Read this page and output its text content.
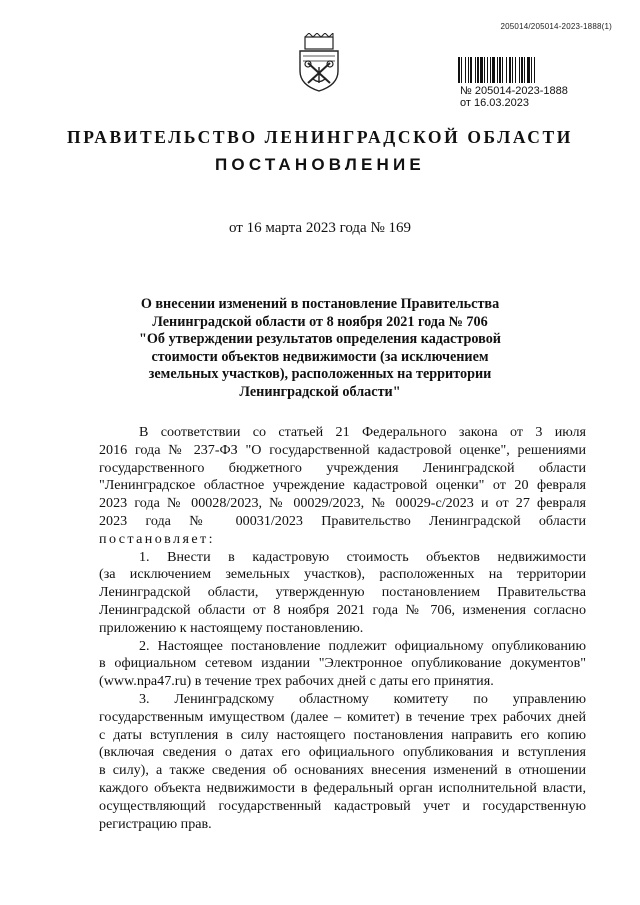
205014/205014-2023-1888(1)
№ 205014-2023-1888
от 16.03.2023
ПРАВИТЕЛЬСТВО ЛЕНИНГРАДСКОЙ ОБЛАСТИ
ПОСТАНОВЛЕНИЕ
от 16 марта 2023 года № 169
О внесении изменений в постановление Правительства
Ленинградской области от 8 ноября 2021 года № 706
"Об утверждении результатов определения кадастровой
стоимости объектов недвижимости (за исключением
земельных участков), расположенных на территории
Ленинградской области"
В соответствии со статьей 21 Федерального закона от 3 июля
2016 года № 237-ФЗ "О государственной кадастровой оценке", решениями
государственного бюджетного учреждения Ленинградской области
"Ленинградское областное учреждение кадастровой оценки" от 20 февраля
2023 года № 00028/2023, № 00029/2023, № 00029-с/2023 и от 27 февраля
2023 года № 00031/2023 Правительство Ленинградской области
постановляет:
1. Внести в кадастровую стоимость объектов недвижимости
(за исключением земельных участков), расположенных на территории
Ленинградской области, утвержденную постановлением Правительства
Ленинградской области от 8 ноября 2021 года № 706, изменения согласно
приложению к настоящему постановлению.
2. Настоящее постановление подлежит официальному опубликованию
в официальном сетевом издании "Электронное опубликование документов"
(www.npa47.ru) в течение трех рабочих дней с даты его принятия.
3. Ленинградскому областному комитету по управлению
государственным имуществом (далее – комитет) в течение трех рабочих дней
с даты вступления в силу настоящего постановления направить его копию
(включая сведения о датах его официального опубликования и вступления
в силу), а также сведения об основаниях внесения изменений в отношении
каждого объекта недвижимости в федеральный орган исполнительной власти,
осуществляющий государственный кадастровый учет и государственную
регистрацию прав.
